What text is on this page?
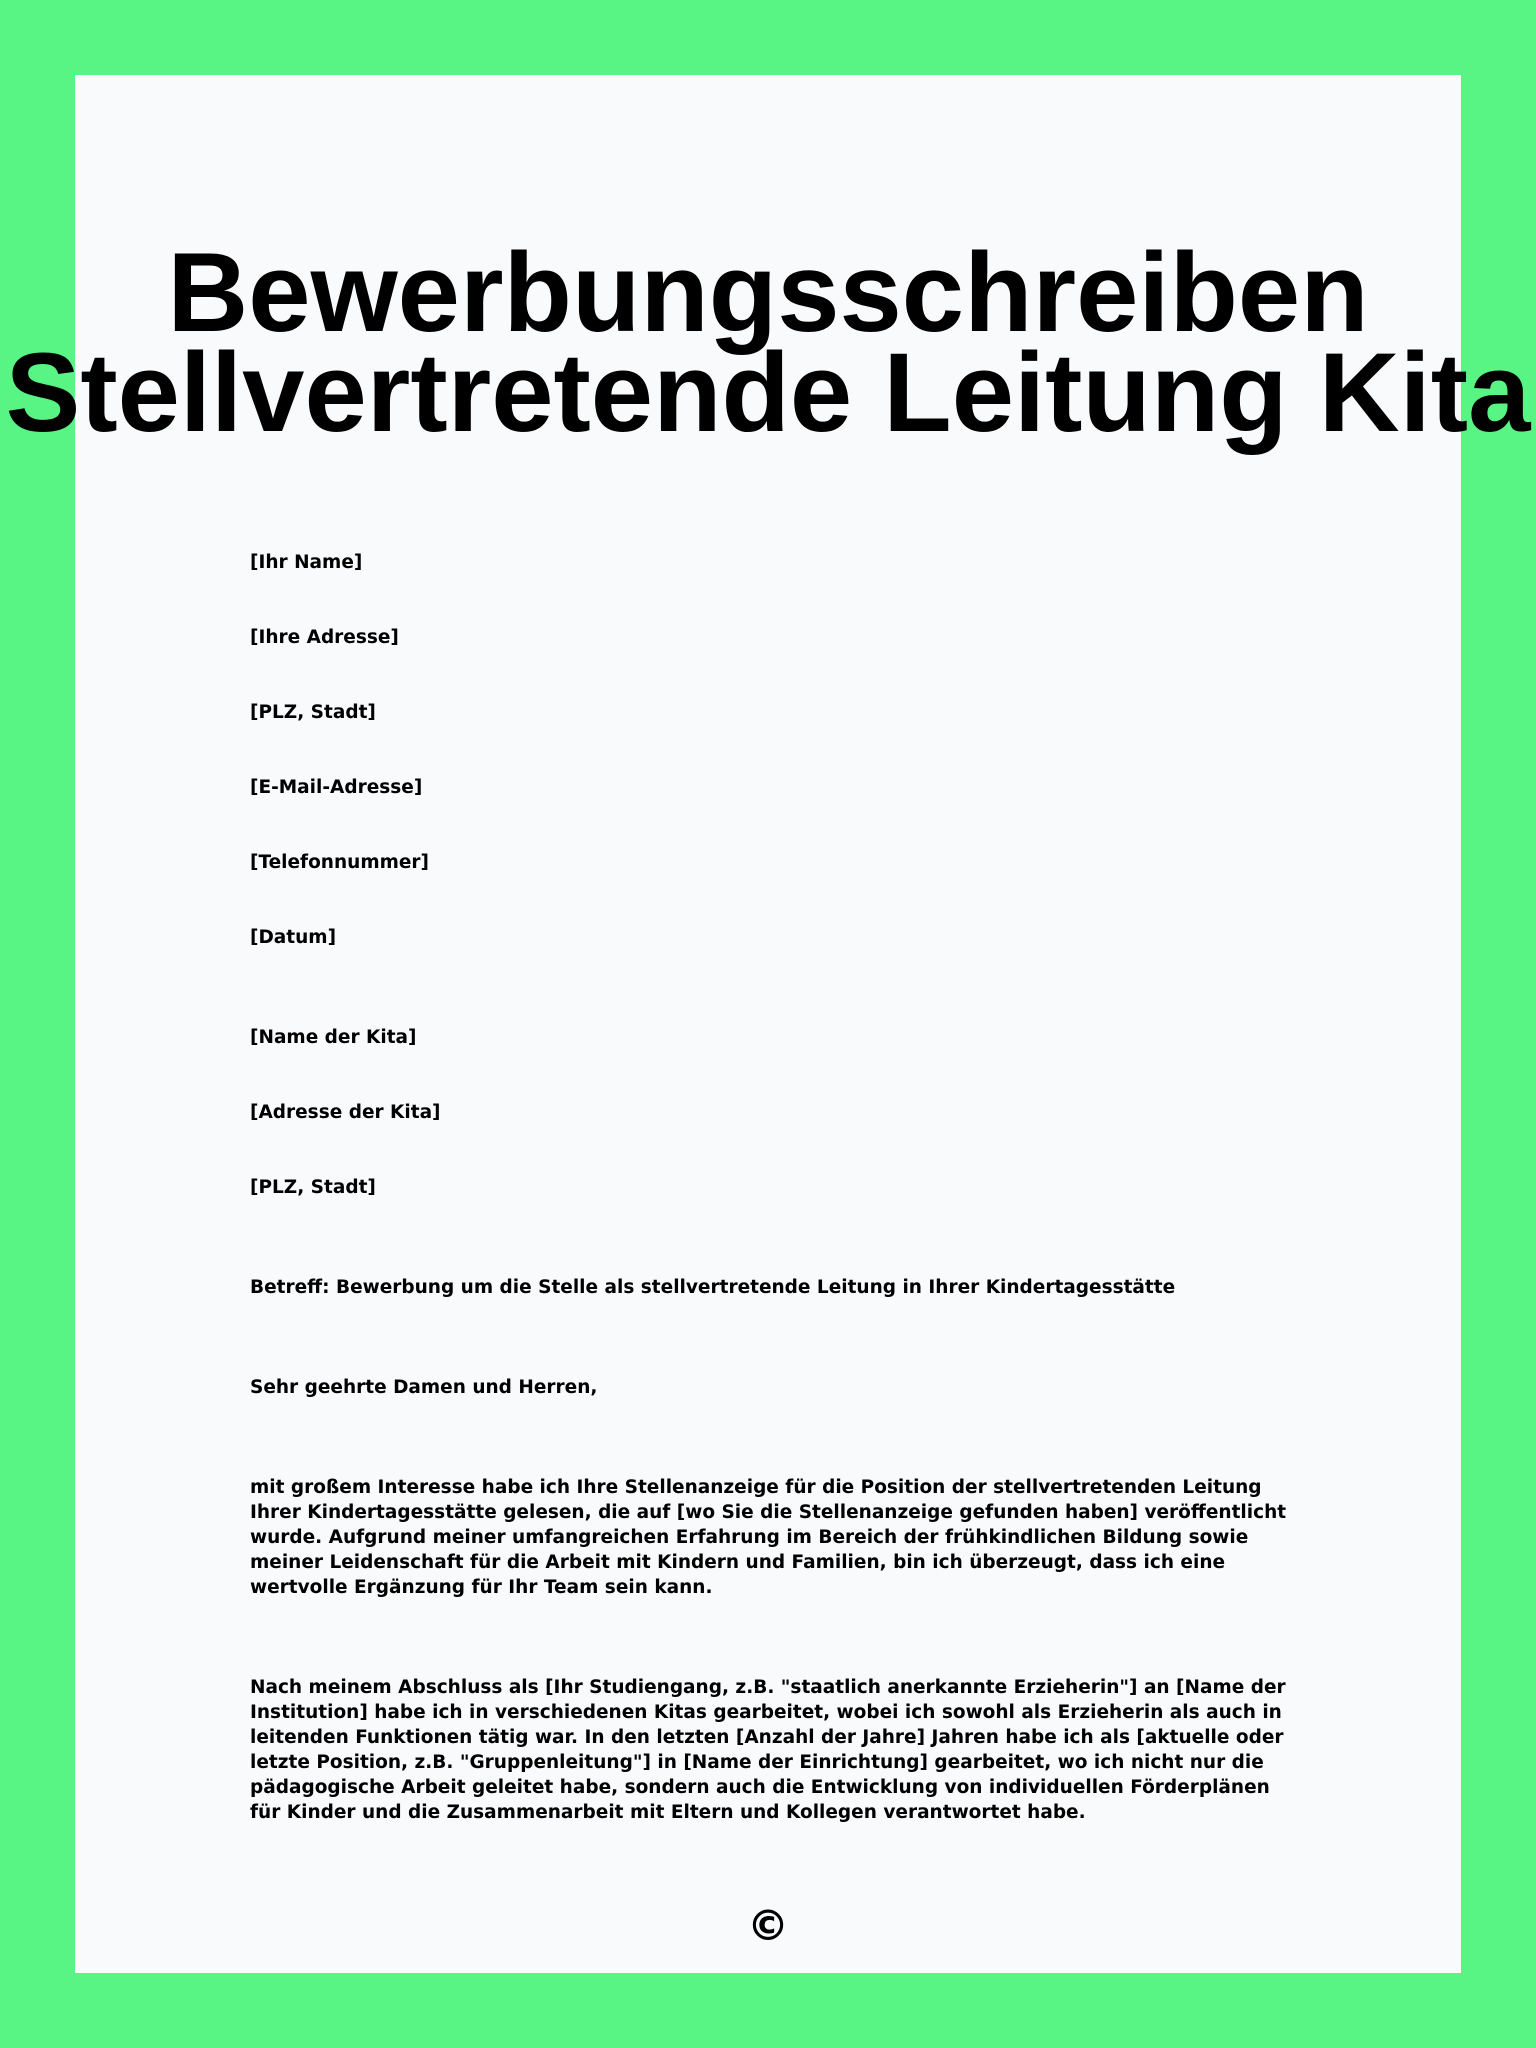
Bewerbungsschreiben
Stellvertretende Leitung Kita

[Ihr Name]

[Ihre Adresse]

[PLZ, Stadt]

[E-Mail-Adresse]

[Telefonnummer]

[Datum]

[Name der Kita]

[Adresse der Kita]

[PLZ, Stadt]

Betreff: Bewerbung um die Stelle als stellvertretende Leitung in Ihrer Kindertagesstätte

Sehr geehrte Damen und Herren,

mit großem Interesse habe ich Ihre Stellenanzeige für die Position der stellvertretenden Leitung Ihrer Kindertagesstätte gelesen, die auf [wo Sie die Stellenanzeige gefunden haben] veröffentlicht wurde. Aufgrund meiner umfangreichen Erfahrung im Bereich der frühkindlichen Bildung sowie meiner Leidenschaft für die Arbeit mit Kindern und Familien, bin ich überzeugt, dass ich eine wertvolle Ergänzung für Ihr Team sein kann.

Nach meinem Abschluss als [Ihr Studiengang, z.B. "staatlich anerkannte Erzieherin"] an [Name der Institution] habe ich in verschiedenen Kitas gearbeitet, wobei ich sowohl als Erzieherin als auch in leitenden Funktionen tätig war. In den letzten [Anzahl der Jahre] Jahren habe ich als [aktuelle oder letzte Position, z.B. "Gruppenleitung"] in [Name der Einrichtung] gearbeitet, wo ich nicht nur die pädagogische Arbeit geleitet habe, sondern auch die Entwicklung von individuellen Förderplänen für Kinder und die Zusammenarbeit mit Eltern und Kollegen verantwortet habe.

©
